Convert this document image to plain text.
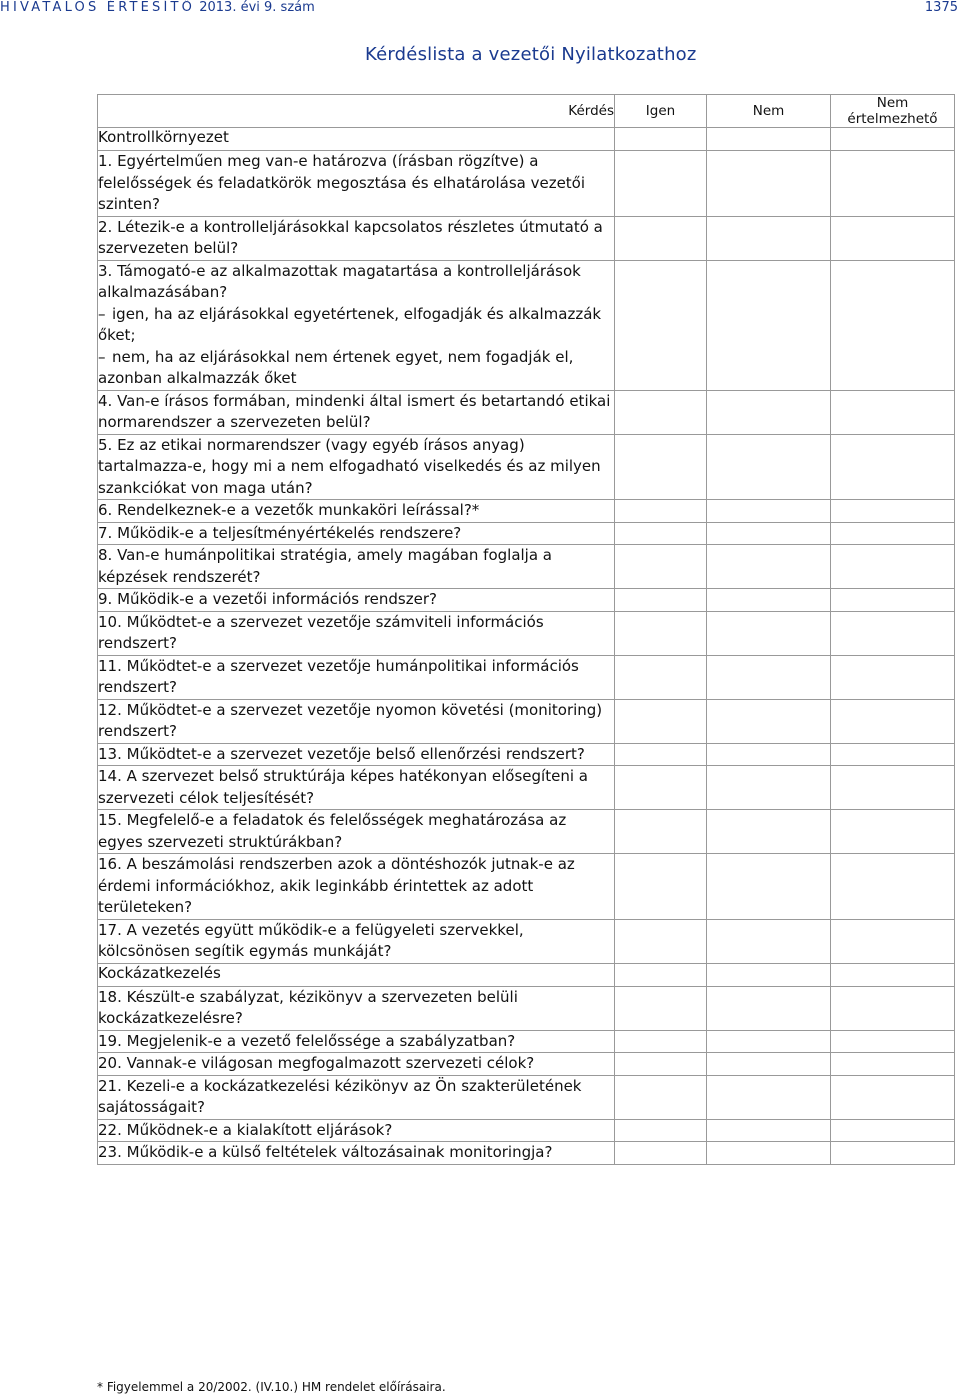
HIVATALOS ÉRTESÍTŐ 2013. évi 9. szám	1375
Kérdéslista a vezetői Nyilatkozathoz
Kérdés	Igen	Nem	Nem értelmezhető
Kontrollkörnyezet			
1. Egyértelműen meg van-e határozva (írásban rögzítve) a felelősségek és feladatkörök megosztása és elhatárolása vezetői szinten?			
2. Létezik-e a kontrolleljárásokkal kapcsolatos részletes útmutató a szervezeten belül?			

3. Támogató-e az alkalmazottak magatartása a kontrolleljárások alkalmazásában?
– igen, ha az eljárásokkal egyetértenek, elfogadják és alkalmazzák őket;
– nem, ha az eljárásokkal nem értenek egyet, nem fogadják el, azonban alkalmazzák őket			

4. Van-e írásos formában, mindenki által ismert és betartandó etikai normarendszer a szervezeten belül?			
5. Ez az etikai normarendszer (vagy egyéb írásos anyag) tartalmazza-e, hogy mi a nem elfogadható viselkedés és az milyen szankciókat von maga után?			
6. Rendelkeznek-e a vezetők munkaköri leírással?*			
7. Működik-e a teljesítményértékelés rendszere?			
8. Van-e humánpolitikai stratégia, amely magában foglalja a képzések rendszerét?			
9. Működik-e a vezetői információs rendszer?			
10. Működtet-e a szervezet vezetője számviteli információs rendszert?			
11. Működtet-e a szervezet vezetője humánpolitikai információs rendszert?			
12. Működtet-e a szervezet vezetője nyomon követési (monitoring) rendszert?			
13. Működtet-e a szervezet vezetője belső ellenőrzési rendszert?			
14. A szervezet belső struktúrája képes hatékonyan elősegíteni a szervezeti célok teljesítését?			
15. Megfelelő-e a feladatok és felelősségek meghatározása az egyes szervezeti struktúrákban?			
16. A beszámolási rendszerben azok a döntéshozók jutnak-e az érdemi információkhoz, akik leginkább érintettek az adott területeken?			
17. A vezetés együtt működik-e a felügyeleti szervekkel, kölcsönösen segítik egymás munkáját?			
Kockázatkezelés			
18. Készült-e szabályzat, kézikönyv a szervezeten belüli kockázatkezelésre?			
19. Megjelenik-e a vezető felelőssége a szabályzatban?			
20. Vannak-e világosan megfogalmazott szervezeti célok?			
21. Kezeli-e a kockázatkezelési kézikönyv az Ön szakterületének sajátosságait?			
22. Működnek-e a kialakított eljárások?			
23. Működik-e a külső feltételek változásainak monitoringja?			
* Figyelemmel a 20/2002. (IV.10.) HM rendelet előírásaira.
